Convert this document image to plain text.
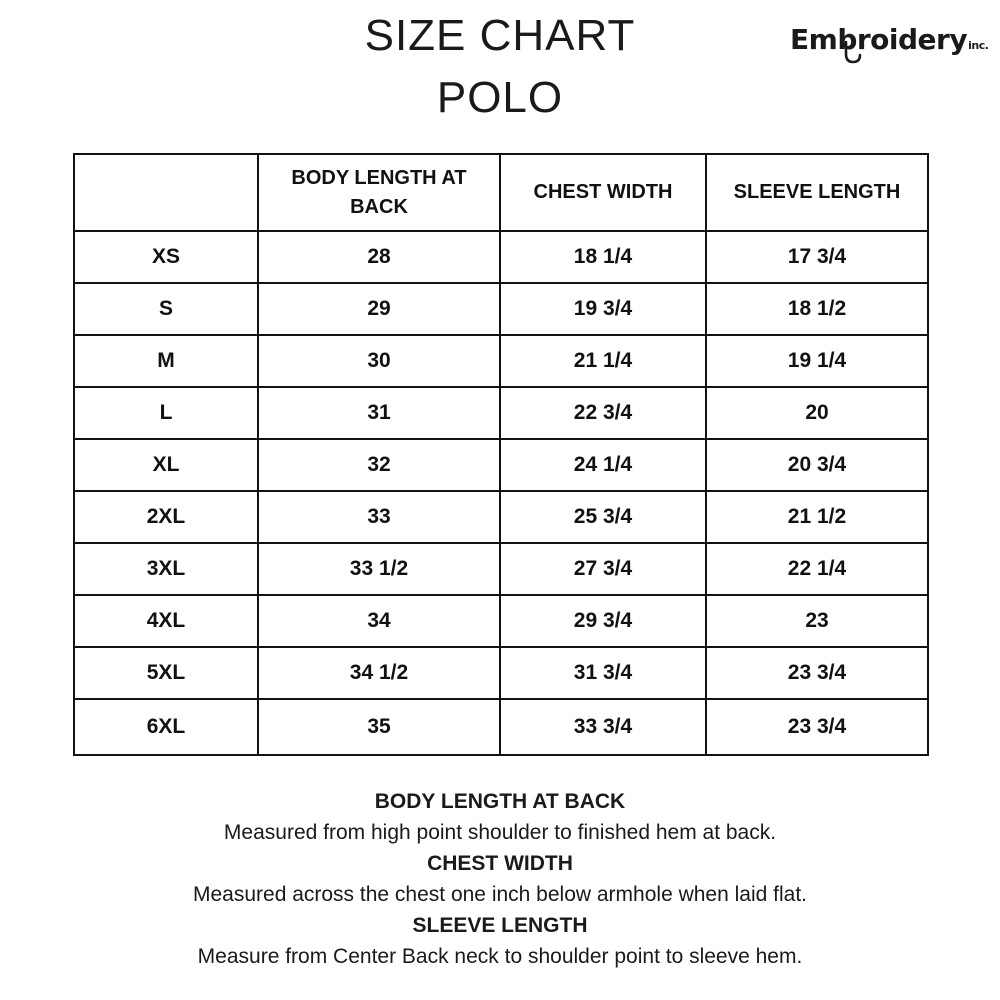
SIZE CHART
POLO
Embroideryinc.
	BODY LENGTH AT BACK	CHEST WIDTH	SLEEVE LENGTH
XS	28	18 1/4	17 3/4
S	29	19 3/4	18 1/2
M	30	21 1/4	19 1/4
L	31	22 3/4	20
XL	32	24 1/4	20 3/4
2XL	33	25 3/4	21 1/2
3XL	33 1/2	27 3/4	22 1/4
4XL	34	29 3/4	23
5XL	34 1/2	31 3/4	23 3/4
6XL	35	33 3/4	23 3/4

BODY LENGTH AT BACK

Measured from high point shoulder to finished hem at back.

CHEST WIDTH

Measured across the chest one inch below armhole when laid flat.

SLEEVE LENGTH

Measure from Center Back neck to shoulder point to sleeve hem.
